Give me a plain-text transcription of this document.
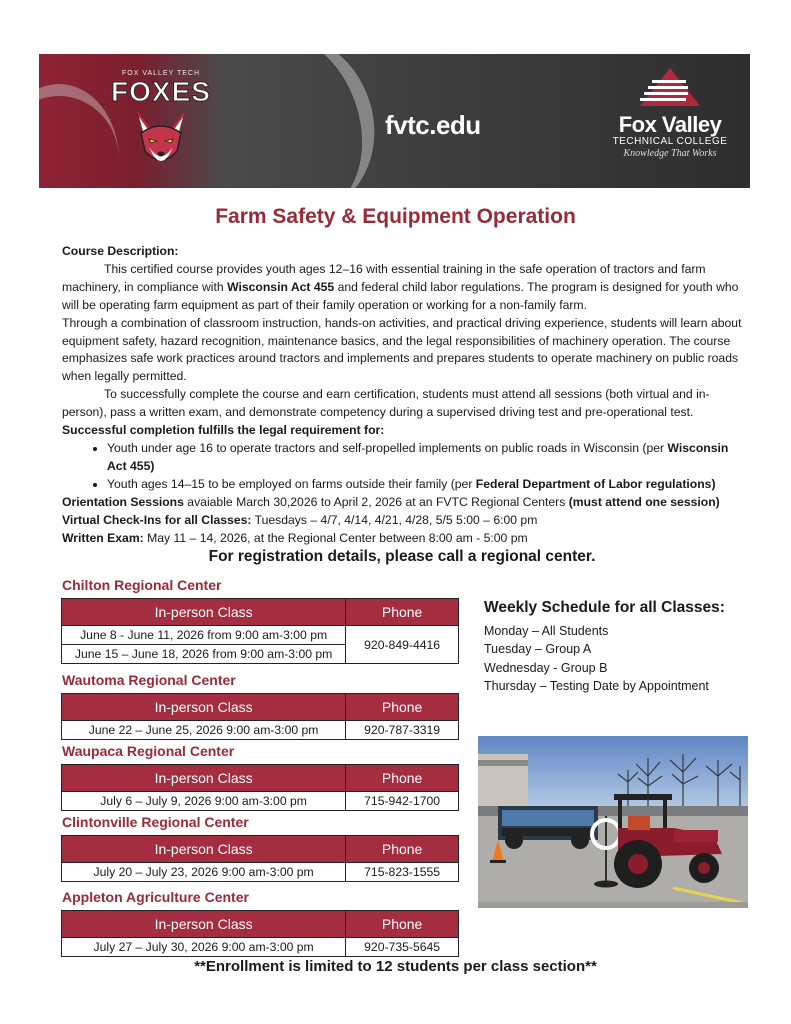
FOX VALLEY TECH
FOXES
fvtc.edu	Fox Valley
TECHNICAL COLLEGE
Knowledge That Works
Farm Safety & Equipment Operation

Course Description:

This certified course provides youth ages 12–16 with essential training in the safe operation of tractors and farm machinery, in compliance with Wisconsin Act 455 and federal child labor regulations. The program is designed for youth who will be operating farm equipment as part of their family operation or working for a non-family farm.

Through a combination of classroom instruction, hands-on activities, and practical driving experience, students will learn about equipment safety, hazard recognition, maintenance basics, and the legal responsibilities of machinery operation. The course emphasizes safe work practices around tractors and implements and prepares students to operate machinery on public roads when legally permitted.

To successfully complete the course and earn certification, students must attend all sessions (both virtual and in-person), pass a written exam, and demonstrate competency during a supervised driving test and pre-operational test.

Successful completion fulfills the legal requirement for:

• Youth under age 16 to operate tractors and self-propelled implements on public roads in Wisconsin (per Wisconsin Act 455)
• Youth ages 14–15 to be employed on farms outside their family (per Federal Department of Labor regulations)

Orientation Sessions avaiable March 30,2026 to April 2, 2026 at an FVTC Regional Centers (must attend one session)

Virtual Check-Ins for all Classes: Tuesdays – 4/7, 4/14, 4/21, 4/28, 5/5 5:00 – 6:00 pm

Written Exam: May 11 – 14, 2026, at the Regional Center between 8:00 am - 5:00 pm

For registration details, please call a regional center.

Chilton Regional Center
In-person Class	Phone
June 8 - June 11, 2026 from 9:00 am-3:00 pm	920-849-4416
June 15 – June 18, 2026 from 9:00 am-3:00 pm	
Wautoma Regional Center
In-person Class	Phone
June 22 – June 25, 2026 9:00 am-3:00 pm	920-787-3319
Waupaca Regional Center
In-person Class	Phone
July 6 – July 9, 2026 9:00 am-3:00 pm	715-942-1700
Clintonville Regional Center
In-person Class	Phone
July 20 – July 23, 2026 9:00 am-3:00 pm	715-823-1555
Appleton Agriculture Center
In-person Class	Phone
July 27 – July 30, 2026 9:00 am-3:00 pm	920-735-5645
Weekly Schedule for all Classes:
Monday – All Students
Tuesday – Group A
Wednesday - Group B
Thursday – Testing Date by Appointment
**Enrollment is limited to 12 students per class section**
